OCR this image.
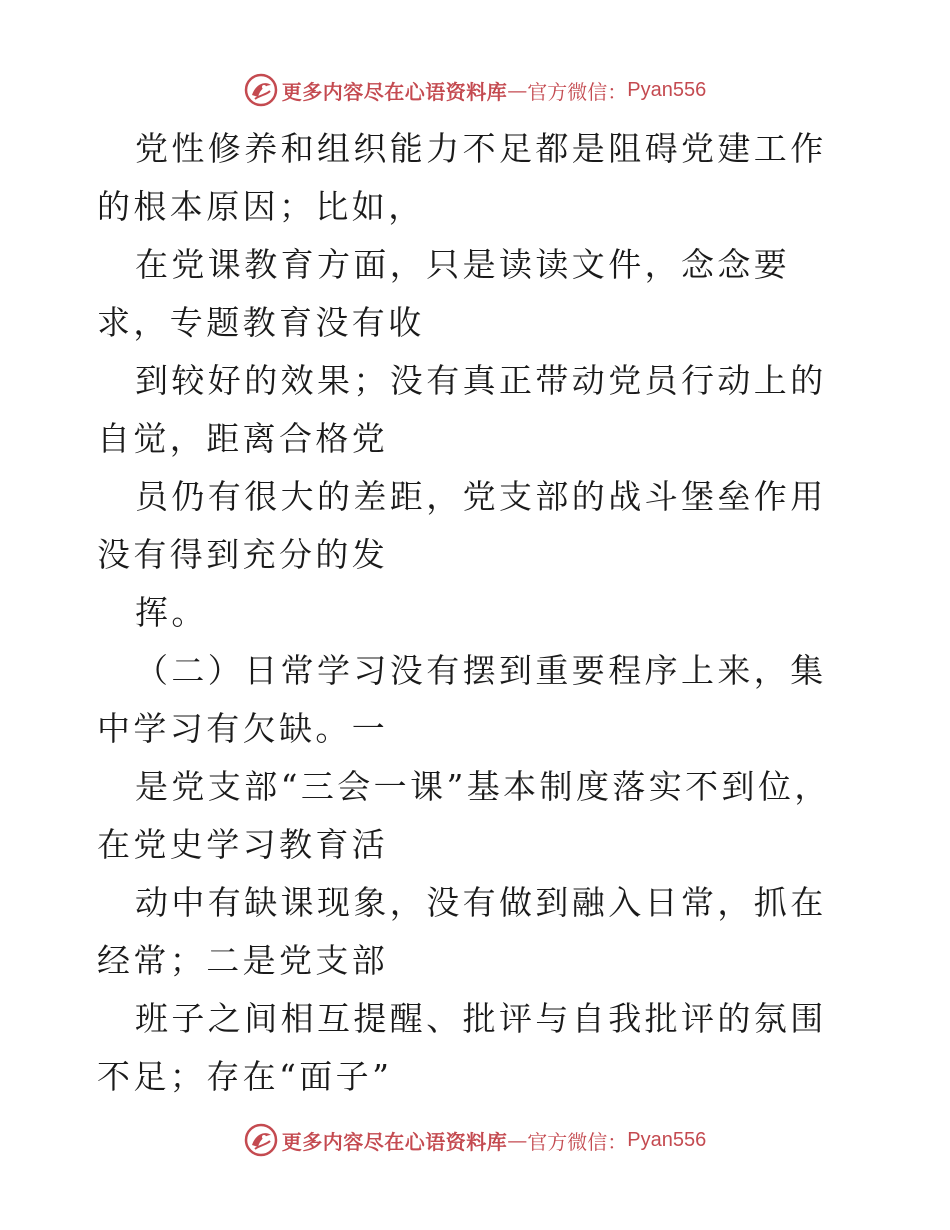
更多内容尽在心语资料库 — 官方微信： Pyan556

党性修养和组织能力不足都是阻碍党建工作的根本原因；比如，

在党课教育方面，只是读读文件，念念要求，专题教育没有收

到较好的效果；没有真正带动党员行动上的自觉，距离合格党

员仍有很大的差距，党支部的战斗堡垒作用没有得到充分的发

挥。

（二）日常学习没有摆到重要程序上来，集中学习有欠缺。一

是党支部“三会一课”基本制度落实不到位，在党史学习教育活

动中有缺课现象，没有做到融入日常，抓在经常；二是党支部

班子之间相互提醒、批评与自我批评的氛围不足；存在“面子”

更多内容尽在心语资料库 — 官方微信： Pyan556
